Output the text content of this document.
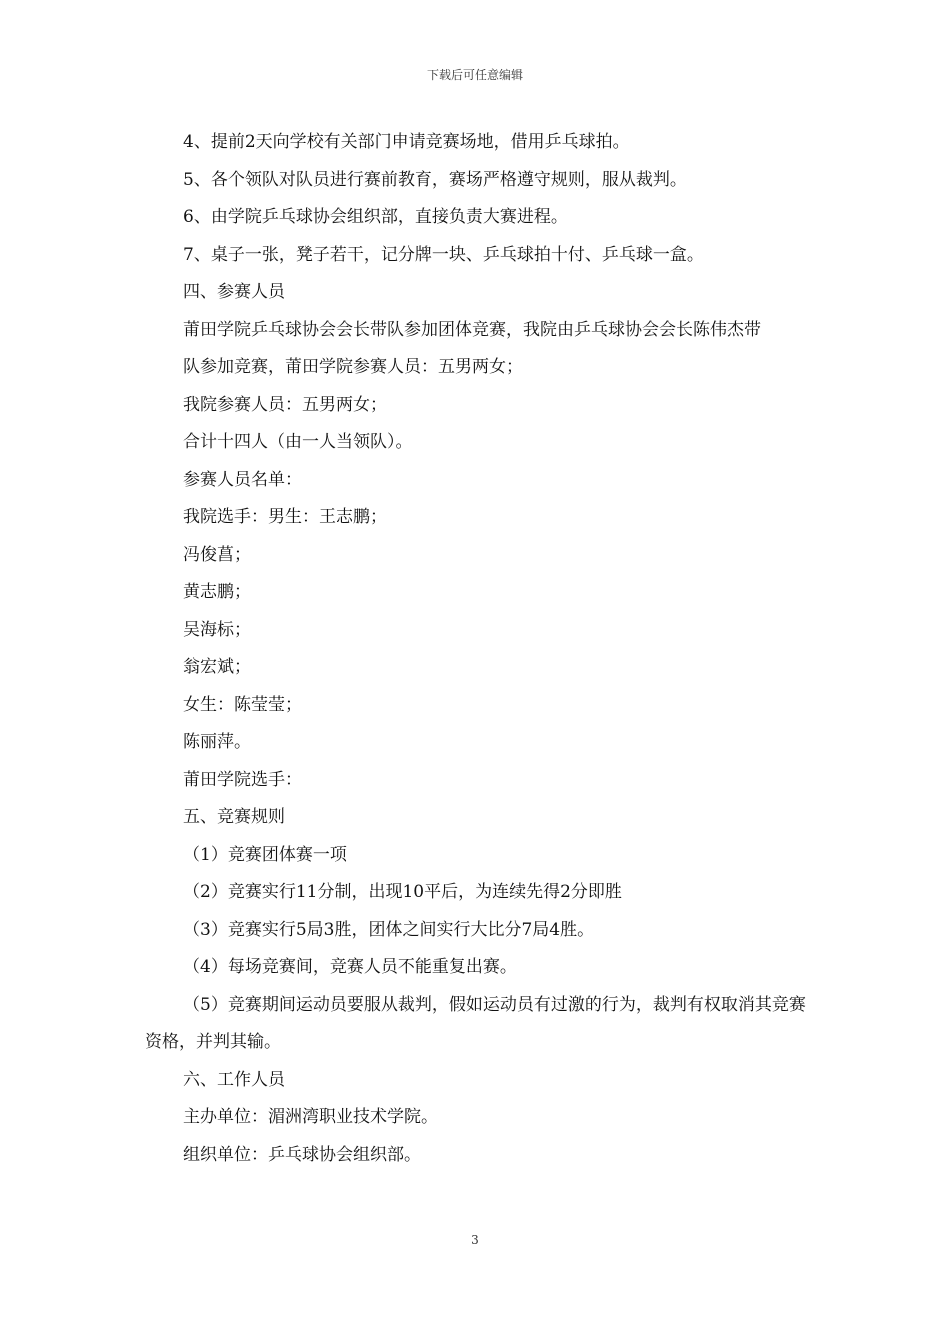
下载后可任意编辑

4、提前2天向学校有关部门申请竞赛场地，借用乒乓球拍。

5、各个领队对队员进行赛前教育，赛场严格遵守规则，服从裁判。

6、由学院乒乓球协会组织部，直接负责大赛进程。

7、桌子一张，凳子若干，记分牌一块、乒乓球拍十付、乒乓球一盒。

四、参赛人员

莆田学院乒乓球协会会长带队参加团体竞赛，我院由乒乓球协会会长陈伟杰带

队参加竞赛，莆田学院参赛人员：五男两女；

我院参赛人员：五男两女；

合计十四人（由一人当领队）。

参赛人员名单：

我院选手：男生：王志鹏；

冯俊菖；

黄志鹏；

吴海标；

翁宏斌；

女生：陈莹莹；

陈丽萍。

莆田学院选手：

五、竞赛规则

（1）竞赛团体赛一项

（2）竞赛实行11分制，出现10平后，为连续先得2分即胜

（3）竞赛实行5局3胜，团体之间实行大比分7局4胜。

（4）每场竞赛间，竞赛人员不能重复出赛。

（5）竞赛期间运动员要服从裁判，假如运动员有过激的行为，裁判有权取消其竞赛资格，并判其输。

六、工作人员

主办单位：湄洲湾职业技术学院。

组织单位：乒乓球协会组织部。

3
